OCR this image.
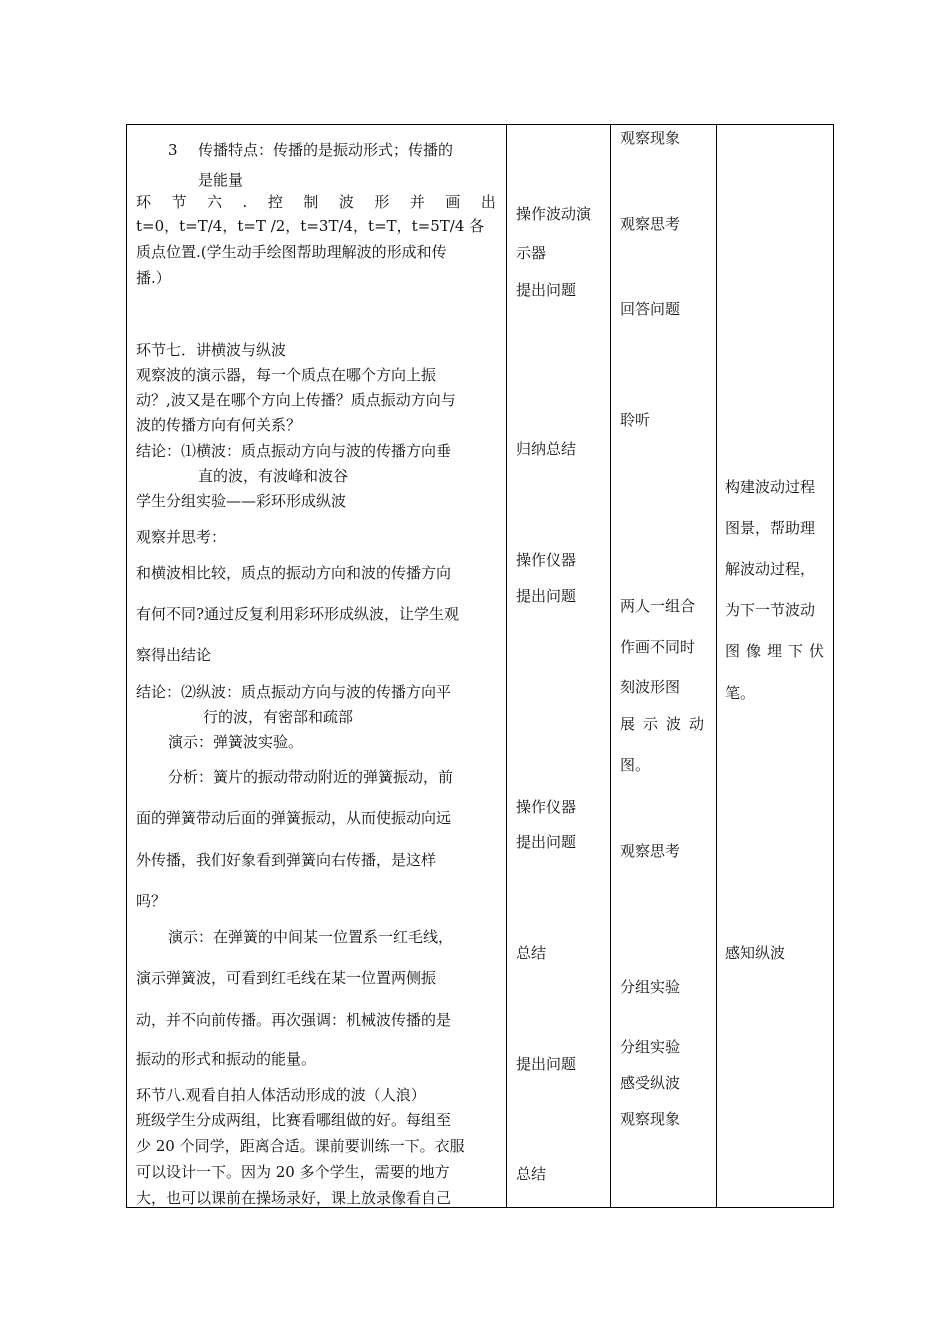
3 传播特点：传播的是振动形式；传播的
是能量
环 节 六 . 控 制 波 形 并 画 出
t=0，t=T/4，t=T /2，t=3T/4，t=T，t=5T/4 各
质点位置.(学生动手绘图帮助理解波的形成和传
播.）
环节七．讲横波与纵波
观察波的演示器，每一个质点在哪个方向上振
动？,波又是在哪个方向上传播？质点振动方向与
波的传播方向有何关系？
结论：⑴横波：质点振动方向与波的传播方向垂
直的波，有波峰和波谷
学生分组实验——彩环形成纵波
观察并思考：
和横波相比较，质点的振动方向和波的传播方向
有何不同?通过反复利用彩环形成纵波，让学生观
察得出结论
结论：⑵纵波：质点振动方向与波的传播方向平
行的波，有密部和疏部
演示：弹簧波实验。
分析：簧片的振动带动附近的弹簧振动，前
面的弹簧带动后面的弹簧振动，从而使振动向远
外传播，我们好象看到弹簧向右传播，是这样
吗？
演示：在弹簧的中间某一位置系一红毛线，
演示弹簧波，可看到红毛线在某一位置两侧振
动，并不向前传播。再次强调：机械波传播的是
振动的形式和振动的能量。
环节八.观看自拍人体活动形成的波（人浪）
班级学生分成两组，比赛看哪组做的好。每组至
少 20 个同学，距离合适。课前要训练一下。衣服
可以设计一下。因为 20 多个学生，需要的地方
大，也可以课前在操场录好，课上放录像看自己
操作波动演
示器
提出问题
归纳总结
操作仪器
提出问题
操作仪器
提出问题
总结
提出问题
总结
观察现象
观察思考
回答问题
聆听
两人一组合
作画不同时
刻波形图
展示波动
图。
观察思考
分组实验
分组实验
感受纵波
观察现象
构建波动过程
图景，帮助理
解波动过程，
为下一节波动
图像埋下伏
笔。
感知纵波
